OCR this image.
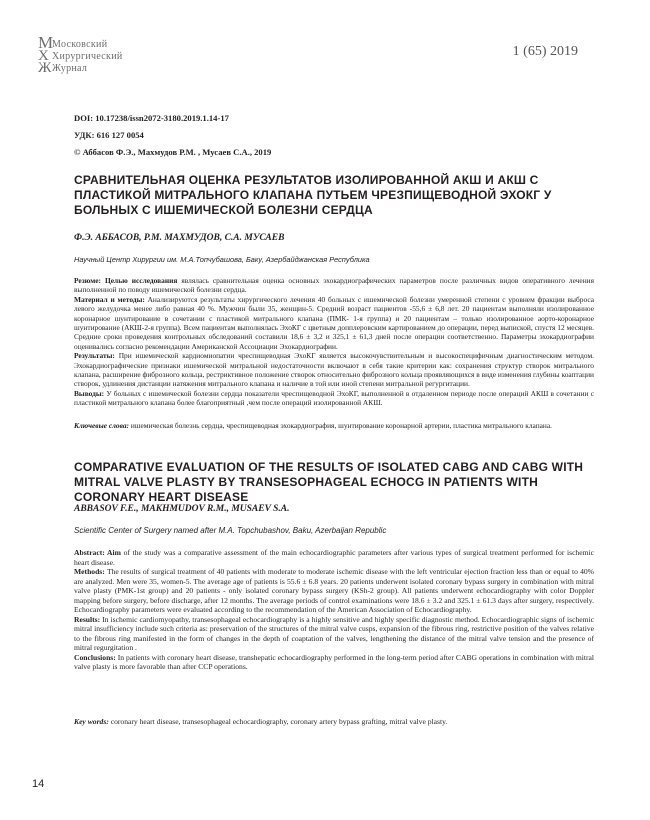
М
Московский
Х Хирургический
Ж Журнал
1 (65) 2019
DOI: 10.17238/issn2072-3180.2019.1.14-17
УДК: 616 127 0054
© Аббасов Ф.Э., Махмудов Р.М. , Мусаев С.А., 2019
СРАВНИТЕЛЬНАЯ ОЦЕНКА РЕЗУЛЬТАТОВ ИЗОЛИРОВАННОЙ АКШ И АКШ С ПЛАСТИКОЙ МИТРАЛЬНОГО КЛАПАНА ПУТЬЕМ ЧРЕЗПИЩЕВОДНОЙ ЭХОКГ У БОЛЬНЫХ С ИШЕМИЧЕСКОЙ БОЛЕЗНИ СЕРДЦА
Ф.Э. АББАСОВ, Р.М. МАХМУДОВ, С.А. МУСАЕВ
Научный Центр Хирургии им. М.А.Топчубашова, Баку, Азербайджанская Республика

Резюме: Целью исследования являлась сравнительная оценка основных эхокардиографических параметров после различных видов оперативного лечения выполненной по поводу ишемической болезни сердца.

Материал и методы: Анализируются результаты хирургического лечения 40 больных с ишемической болезни умеренной степени с уровнем фракции выброса левого желудочка менее либо равная 40 %. Мужчин были 35, женщин-5. Средний возраст пациентов -55,6 ± 6,8 лет. 20 пациентам выполняли изолированное коронарное шунтирование в сочетании с пластикой митрального клапана (ПМК- 1-я группа) и 20 пациентам – только изолированное аорто-коронарное шунтирование (АКШ-2-я группа). Всем пациентам выполнялась ЭхоКГ с цветным допплеровским картированием до операции, перед выпиской, спустя 12 месяцев. Средние сроки проведения контрольных обследований составили 18,6 ± 3,2 и 325,1 ± 61,3 дней после операции соответственно. Параметры эхокардиографии оценивались согласно рекомендации Американской Ассоциации Эхокардиографии.

Результаты: При ишемической кардиомиопатии чреспищеводная ЭхоКГ является высокочувствительным и высокоспецифичным диагностическим методом. Эхокардиографические признаки ишемической митральной недостаточности включают в себя такие критерии как: сохранения структур створок митрального клапана, расширение фиброзного кольца, рестриктивное положение створок относительно фиброзного кольца проявляющихся в виде изменения глубины коаптации створок, удлинения дистанции натяжения митрального клапана и наличие в той или иной степени митральной регургитации.

Выводы: У больных с ишемической болезни сердца показатели чреспищеводной ЭхоКГ, выполненной в отдаленном периоде после операций АКШ в сочетании с пластикой митрального клапана более благоприятный ,чем после операций изолированной АКШ.

Ключевые слова: ишемическая болезнь сердца, чреспищеводная эхокардиография, шунтирование коронарной артерии, пластика митрального клапана.

COMPARATIVE EVALUATION OF THE RESULTS OF ISOLATED CABG AND CABG WITH MITRAL VALVE PLASTY BY TRANSESOPHAGEAL ECHOCG IN PATIENTS WITH CORONARY HEART DISEASE
ABBASOV F.E., MAKHMUDOV R.M., MUSAEV S.A.
Scientific Center of Surgery named after M.A. Topchubashov, Baku, Azerbaijan Republic

Abstract: Aim of the study was a comparative assessment of the main echocardiographic parameters after various types of surgical treatment performed for ischemic heart disease.

Methods: The results of surgical treatment of 40 patients with moderate to moderate ischemic disease with the left ventricular ejection fraction less than or equal to 40% are analyzed. Men were 35, women-5. The average age of patients is 55.6 ± 6.8 years. 20 patients underwent isolated coronary bypass surgery in combination with mitral valve plasty (PMK-1st group) and 20 patients - only isolated coronary bypass surgery (KSh-2 group). All patients underwent echocardiography with color Doppler mapping before surgery, before discharge, after 12 months. The average periods of control examinations were 18.6 ± 3.2 and 325.1 ± 61.3 days after surgery, respectively. Echocardiography parameters were evaluated according to the recommendation of the American Association of Echocardiography.

Results: In ischemic cardiomyopathy, transesophageal echocardiography is a highly sensitive and highly specific diagnostic method. Echocardiographic signs of ischemic mitral insufficiency include such criteria as: preservation of the structures of the mitral valve cusps, expansion of the fibrous ring, restrictive position of the valves relative to the fibrous ring manifested in the form of changes in the depth of coaptation of the valves, lengthening the distance of the mitral valve tension and the presence of mitral regurgitation .

Conclusions: In patients with coronary heart disease, transhepatic echocardiography performed in the long-term period after CABG operations in combination with mitral valve plasty is more favorable than after CCP operations.

Key words: coronary heart disease, transesophageal echocardiography, coronary artery bypass grafting, mitral valve plasty.

14
